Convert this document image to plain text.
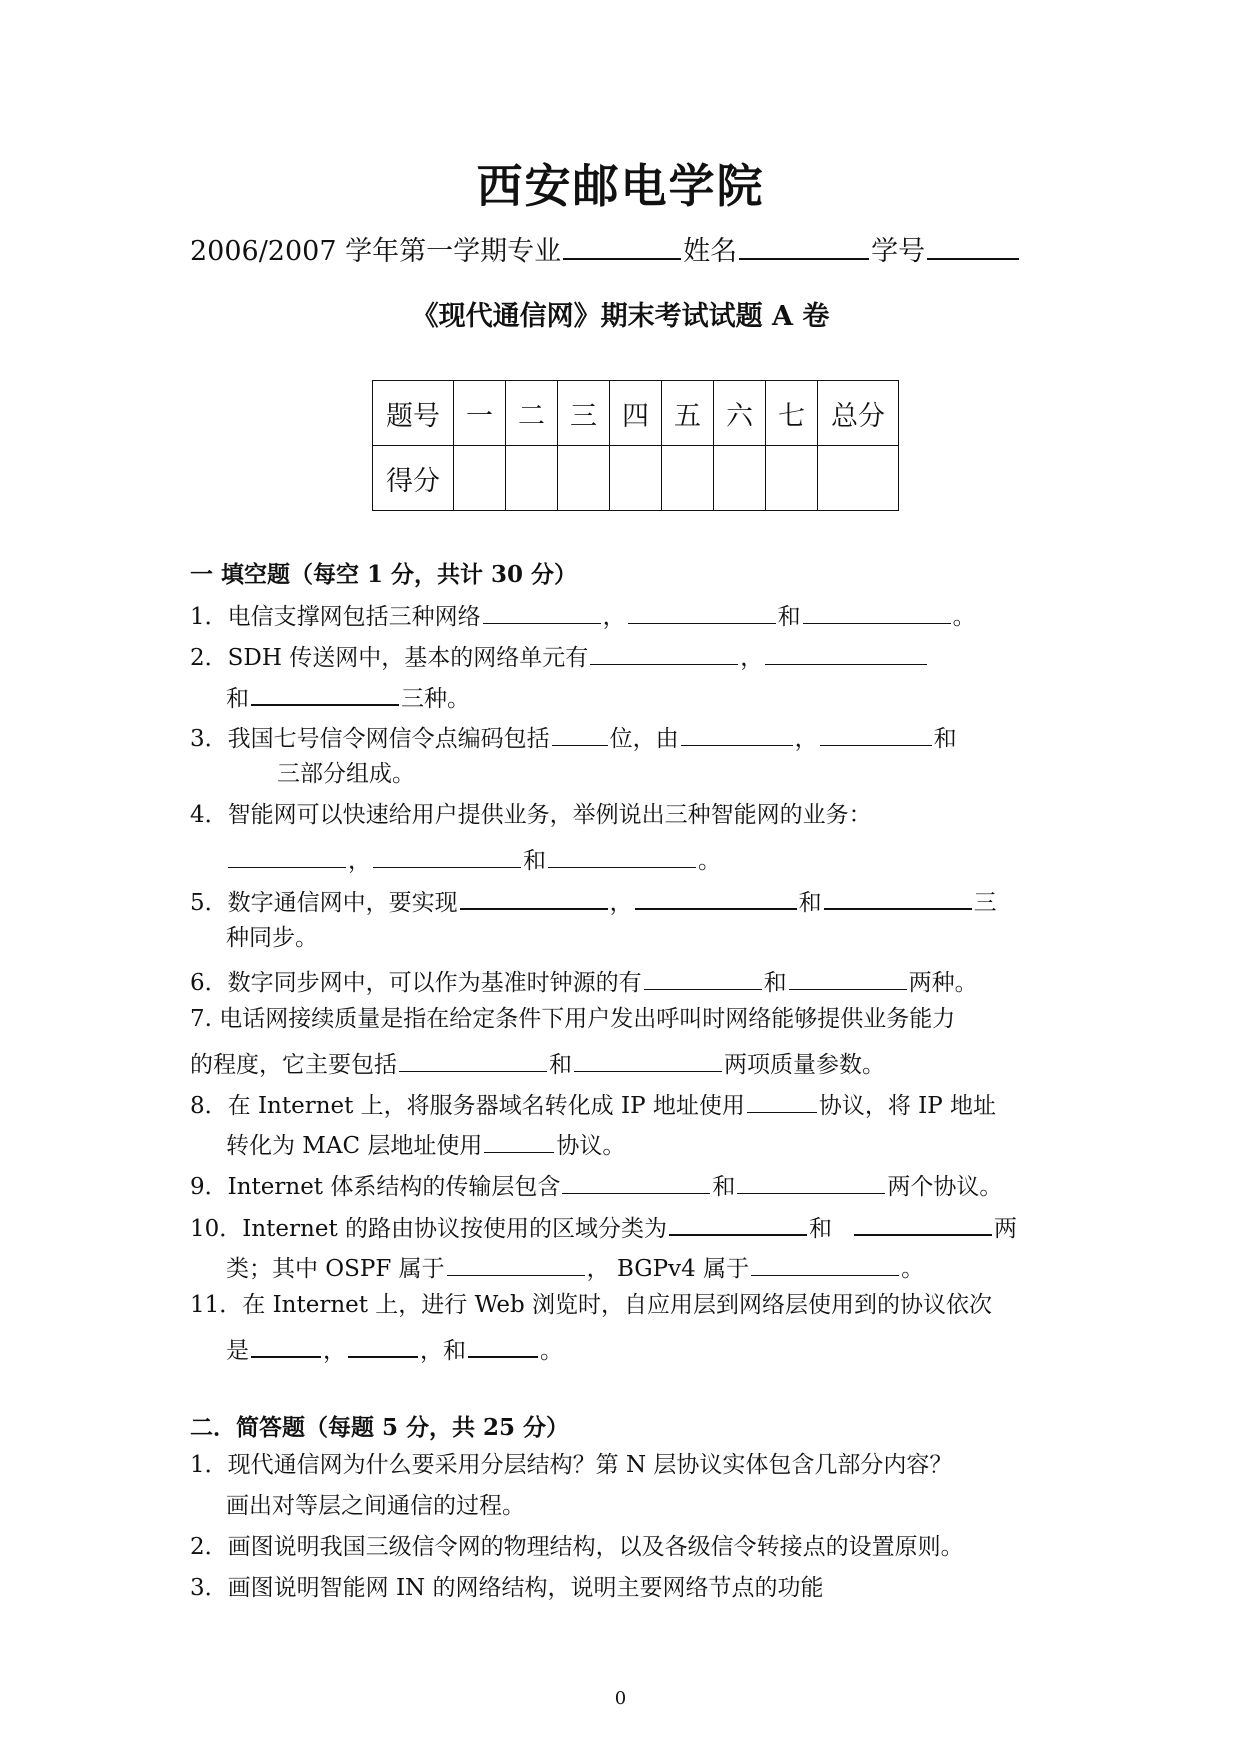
西安邮电学院
2006/2007 学年第一学期专业	姓名	学号
《现代通信网》期末考试试题 A 卷
题号	一	二	三	四	五	六	七	总分
得分								
一 填空题（每空 1 分，共计 30 分）
1．电信支撑网包括三种网络	，	和	。
2．SDH 传送网中，基本的网络单元有	，
和	三种。
3．我国七号信令网信令点编码包括	位，由	，	和
三部分组成。
4．智能网可以快速给用户提供业务，举例说出三种智能网的业务：
，	和	。
5．数字通信网中，要实现	，	和	三
种同步。
6．数字同步网中，可以作为基准时钟源的有	和	两种。
7. 电话网接续质量是指在给定条件下用户发出呼叫时网络能够提供业务能力
的程度，它主要包括	和	两项质量参数。
8．在 Internet 上，将服务器域名转化成 IP 地址使用	协议，将 IP 地址
转化为 MAC 层地址使用	协议。
9．Internet 体系结构的传输层包含	和	两个协议。
10．Internet 的路由协议按使用的区域分类为	和	两
类；其中 OSPF 属于	， BGPv4 属于	。
11．在 Internet 上，进行 Web 浏览时，自应用层到网络层使用到的协议依次
是	，	，和	。
二．简答题（每题 5 分，共 25 分）
1．现代通信网为什么要采用分层结构？第 N 层协议实体包含几部分内容？
画出对等层之间通信的过程。
2．画图说明我国三级信令网的物理结构，以及各级信令转接点的设置原则。
3．画图说明智能网 IN 的网络结构，说明主要网络节点的功能
0
